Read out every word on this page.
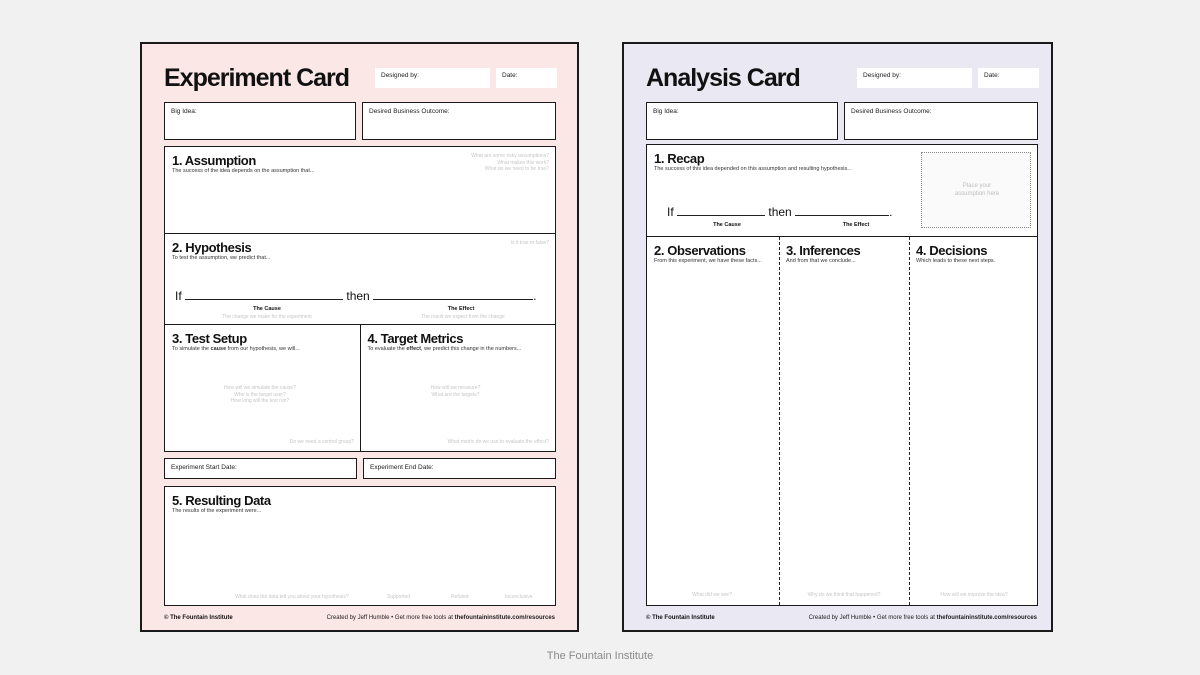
Experiment Card	Designed by:	Date:
Big Idea:	Desired Business Outcome:
1. Assumption
The success of the idea depends on the assumption that...
What are some risky assumptions?
What makes this work?
What do we need to be true?
2. Hypothesis
To test the assumption, we predict that...
Is it true or false?
If	then	.
The Cause	The Effect
The change we make for the experiment	The result we expect from the change
3. Test Setup
To simulate the cause from our hypothesis, we will...
How will we simulate the cause?
Who is the target user?
How long will the test run?
Do we need a control group?
4. Target Metrics
To evaluate the effect, we predict this change in the numbers...
How will we measure?
What are the targets?
What metric do we use to evaluate the effect?
Experiment Start Date:	Experiment End Date:
5. Resulting Data
The results of the experiment were...
What does the data tell you about your hypothesis?	Supported	Refuted	Inconclusive
© The Fountain Institute	Created by Jeff Humble • Get more free tools at thefountaininstitute.com/resources
Analysis Card	Designed by:	Date:
Big Idea:	Desired Business Outcome:
1. Recap
The success of this idea depended on this assumption and resulting hypothesis...
Place your
assumption here
If	then	.
The Cause	The Effect
2. Observations
From this experiment, we have these facts...
What did we see?
3. Inferences
And from that we conclude...
Why do we think that happened?
4. Decisions
Which leads to these next steps.
How will we improve the idea?
© The Fountain Institute	Created by Jeff Humble • Get more free tools at thefountaininstitute.com/resources
The Fountain Institute
